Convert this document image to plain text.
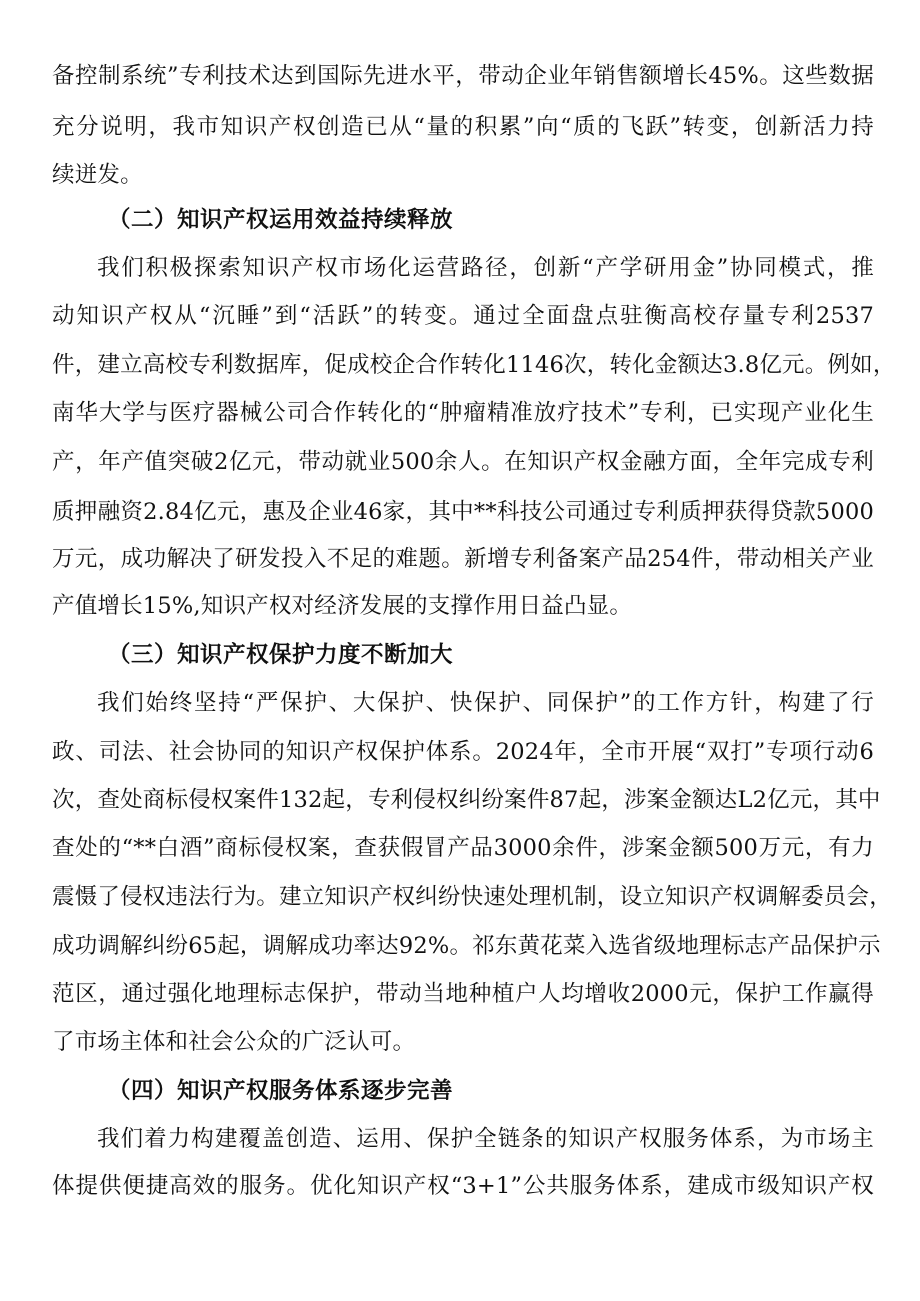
备控制系统”专利技术达到国际先进水平，带动企业年销售额增长45%。这些数据
充分说明，我市知识产权创造已从“量的积累”向“质的飞跃”转变，创新活力持
续迸发。
（二）知识产权运用效益持续释放
我们积极探索知识产权市场化运营路径，创新“产学研用金”协同模式，推
动知识产权从“沉睡”到“活跃”的转变。通过全面盘点驻衡高校存量专利2537
件，建立高校专利数据库，促成校企合作转化1146次，转化金额达3.8亿元。例如，
南华大学与医疗器械公司合作转化的“肿瘤精准放疗技术”专利，已实现产业化生
产，年产值突破2亿元，带动就业500余人。在知识产权金融方面，全年完成专利
质押融资2.84亿元，惠及企业46家，其中**科技公司通过专利质押获得贷款5000
万元，成功解决了研发投入不足的难题。新增专利备案产品254件，带动相关产业
产值增长15%,知识产权对经济发展的支撑作用日益凸显。
（三）知识产权保护力度不断加大
我们始终坚持“严保护、大保护、快保护、同保护”的工作方针，构建了行
政、司法、社会协同的知识产权保护体系。2024年，全市开展“双打”专项行动6
次，查处商标侵权案件132起，专利侵权纠纷案件87起，涉案金额达L2亿元，其中
查处的“**白酒”商标侵权案，查获假冒产品3000余件，涉案金额500万元，有力
震慑了侵权违法行为。建立知识产权纠纷快速处理机制，设立知识产权调解委员会，
成功调解纠纷65起，调解成功率达92%。祁东黄花菜入选省级地理标志产品保护示
范区，通过强化地理标志保护，带动当地种植户人均增收2000元，保护工作赢得
了市场主体和社会公众的广泛认可。
（四）知识产权服务体系逐步完善
我们着力构建覆盖创造、运用、保护全链条的知识产权服务体系，为市场主
体提供便捷高效的服务。优化知识产权“3+1”公共服务体系，建成市级知识产权
